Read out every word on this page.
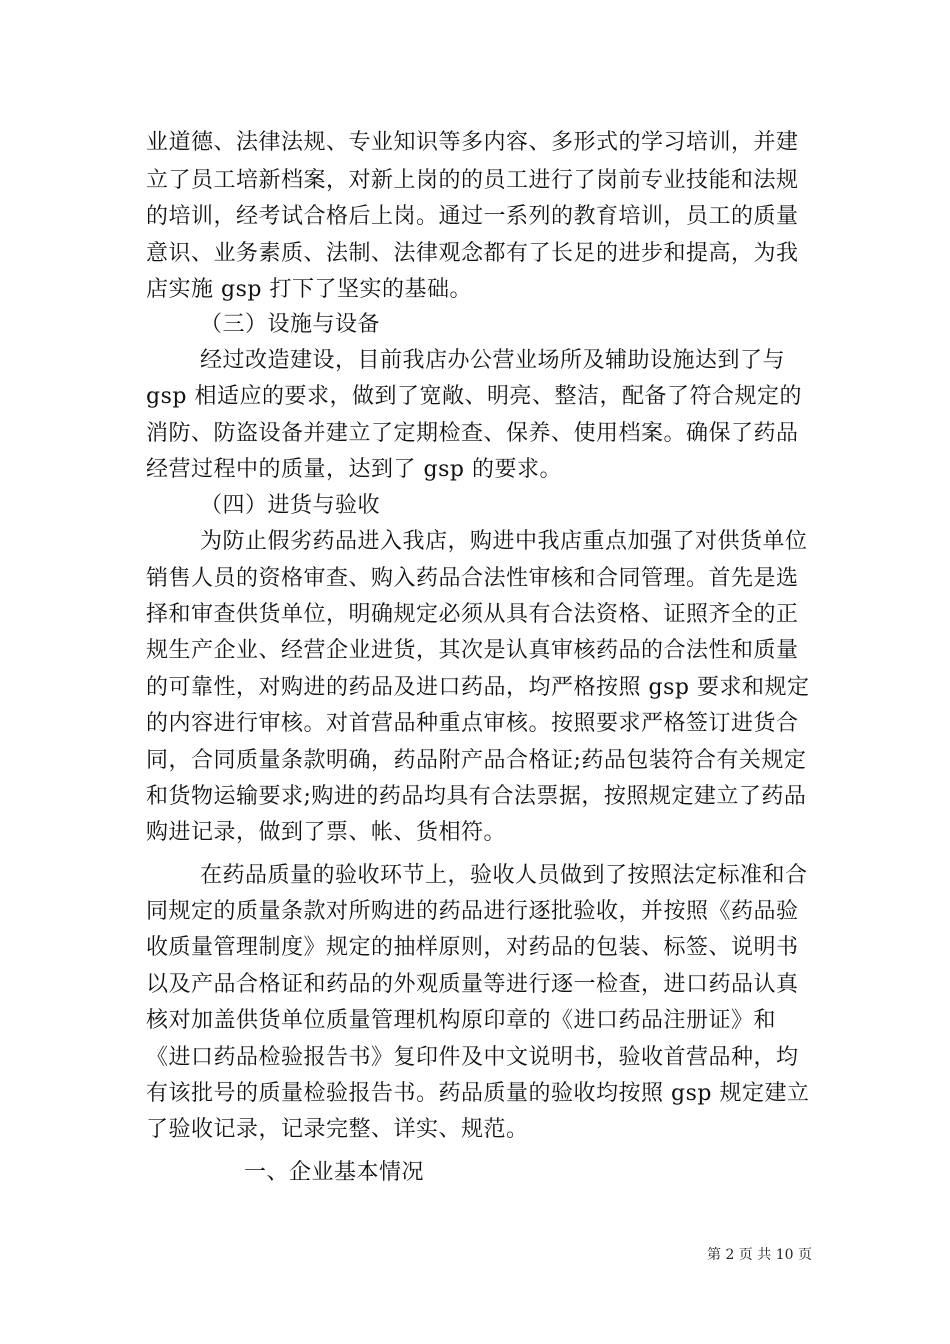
业道德、法律法规、专业知识等多内容、多形式的学习培训，并建
立了员工培新档案，对新上岗的的员工进行了岗前专业技能和法规
的培训，经考试合格后上岗。通过一系列的教育培训，员工的质量
意识、业务素质、法制、法律观念都有了长足的进步和提高，为我
店实施 gsp 打下了坚实的基础。
（三）设施与设备
经过改造建设，目前我店办公营业场所及辅助设施达到了与
gsp 相适应的要求，做到了宽敞、明亮、整洁，配备了符合规定的
消防、防盗设备并建立了定期检查、保养、使用档案。确保了药品
经营过程中的质量，达到了 gsp 的要求。
（四）进货与验收
为防止假劣药品进入我店，购进中我店重点加强了对供货单位
销售人员的资格审查、购入药品合法性审核和合同管理。首先是选
择和审查供货单位，明确规定必须从具有合法资格、证照齐全的正
规生产企业、经营企业进货，其次是认真审核药品的合法性和质量
的可靠性，对购进的药品及进口药品，均严格按照 gsp 要求和规定
的内容进行审核。对首营品种重点审核。按照要求严格签订进货合
同，合同质量条款明确，药品附产品合格证;药品包装符合有关规定
和货物运输要求;购进的药品均具有合法票据，按照规定建立了药品
购进记录，做到了票、帐、货相符。
在药品质量的验收环节上，验收人员做到了按照法定标准和合
同规定的质量条款对所购进的药品进行逐批验收，并按照《药品验
收质量管理制度》规定的抽样原则，对药品的包装、标签、说明书
以及产品合格证和药品的外观质量等进行逐一检查，进口药品认真
核对加盖供货单位质量管理机构原印章的《进口药品注册证》和
《进口药品检验报告书》复印件及中文说明书，验收首营品种，均
有该批号的质量检验报告书。药品质量的验收均按照 gsp 规定建立
了验收记录，记录完整、详实、规范。
一、企业基本情况
第 2 页 共 10 页
